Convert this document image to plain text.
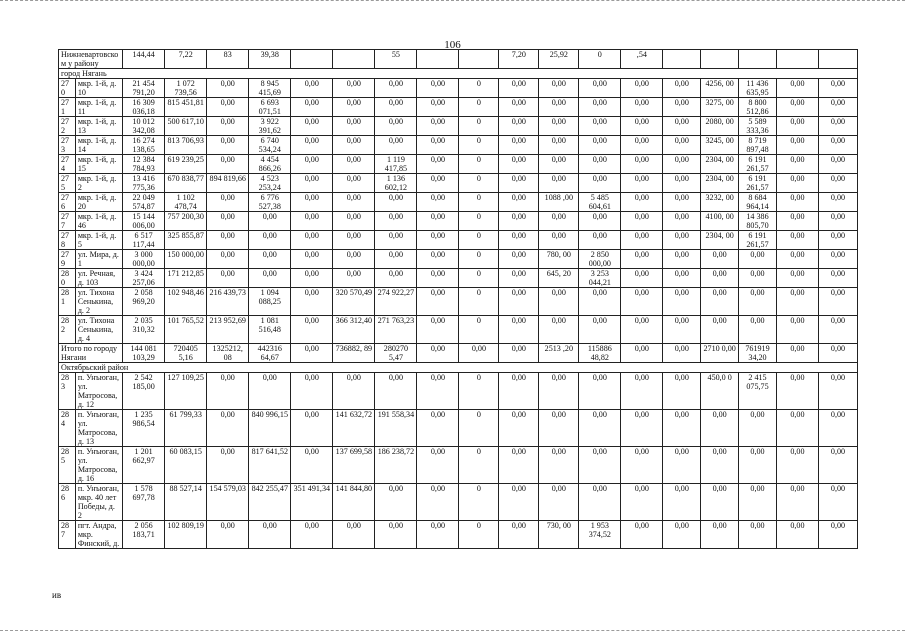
106
Нижневартовском у району		144,44	7,22	83	39,38			55			7,20	25,92	0	,54					
город Нягань																			
27 0	мкр. 1-й, д. 10	21 454 791,20	1 072 739,56	0,00	8 945 415,69	0,00	0,00	0,00	0,00	0	0,00	0,00	0,00	0,00	0,00	4256, 00	11 436 635,95	0,00	0,00
27 1	мкр. 1-й, д. 11	16 309 036,18	815 451,81	0,00	6 693 071,51	0,00	0,00	0,00	0,00	0	0,00	0,00	0,00	0,00	0,00	3275, 00	8 800 512,86	0,00	0,00
27 2	мкр. 1-й, д. 13	10 012 342,08	500 617,10	0,00	3 922 391,62	0,00	0,00	0,00	0,00	0	0,00	0,00	0,00	0,00	0,00	2080, 00	5 589 333,36	0,00	0,00
27 3	мкр. 1-й, д. 14	16 274 138,65	813 706,93	0,00	6 740 534,24	0,00	0,00	0,00	0,00	0	0,00	0,00	0,00	0,00	0,00	3245, 00	8 719 897,48	0,00	0,00
27 4	мкр. 1-й, д. 15	12 384 784,93	619 239,25	0,00	4 454 866,26	0,00	0,00	1 119 417,85	0,00	0	0,00	0,00	0,00	0,00	0,00	2304, 00	6 191 261,57	0,00	0,00
27 5	мкр. 1-й, д. 2	13 416 775,36	670 838,77	894 819,66	4 523 253,24	0,00	0,00	1 136 602,12	0,00	0	0,00	0,00	0,00	0,00	0,00	2304, 00	6 191 261,57	0,00	0,00
27 6	мкр. 1-й, д. 20	22 049 574,87	1 102 478,74	0,00	6 776 527,38	0,00	0,00	0,00	0,00	0	0,00	1088 ,00	5 485 604,61	0,00	0,00	3232, 00	8 684 964,14	0,00	0,00
27 7	мкр. 1-й, д. 46	15 144 006,00	757 200,30	0,00	0,00	0,00	0,00	0,00	0,00	0	0,00	0,00	0,00	0,00	0,00	4100, 00	14 386 805,70	0,00	0,00
27 8	мкр. 1-й, д. 5	6 517 117,44	325 855,87	0,00	0,00	0,00	0,00	0,00	0,00	0	0,00	0,00	0,00	0,00	0,00	2304, 00	6 191 261,57	0,00	0,00
27 9	ул. Мира, д. 1	3 000 000,00	150 000,00	0,00	0,00	0,00	0,00	0,00	0,00	0	0,00	780, 00	2 850 000,00	0,00	0,00	0,00	0,00	0,00	0,00
28 0	ул. Речная, д. 103	3 424 257,06	171 212,85	0,00	0,00	0,00	0,00	0,00	0,00	0	0,00	645, 20	3 253 044,21	0,00	0,00	0,00	0,00	0,00	0,00
28 1	ул. Тихона Сенькина, д. 2	2 058 969,20	102 948,46	216 439,73	1 094 088,25	0,00	320 570,49	274 922,27	0,00	0	0,00	0,00	0,00	0,00	0,00	0,00	0,00	0,00	0,00
28 2	ул. Тихона Сенькина, д. 4	2 035 310,32	101 765,52	213 952,69	1 081 516,48	0,00	366 312,40	271 763,23	0,00	0	0,00	0,00	0,00	0,00	0,00	0,00	0,00	0,00	0,00
Итого по городу Нягани		144 081 103,29	720405 5,16	1325212, 08	442316 64,67	0,00	736882, 89	280270 5,47	0,00	0,00	0,00	2513 ,20	115886 48,82	0,00	0,00	2710 0,00	761919 34,20	0,00	0,00
Октябрьский район																			
28 3	п. Унъюган, ул. Матросова, д. 12	2 542 185,00	127 109,25	0,00	0,00	0,00	0,00	0,00	0,00	0	0,00	0,00	0,00	0,00	0,00	450,0 0	2 415 075,75	0,00	0,00
28 4	п. Унъюган, ул. Матросова, д. 13	1 235 986,54	61 799,33	0,00	840 996,15	0,00	141 632,72	191 558,34	0,00	0	0,00	0,00	0,00	0,00	0,00	0,00	0,00	0,00	0,00
28 5	п. Унъюган, ул. Матросова, д. 16	1 201 662,97	60 083,15	0,00	817 641,52	0,00	137 699,58	186 238,72	0,00	0	0,00	0,00	0,00	0,00	0,00	0,00	0,00	0,00	0,00
28 6	п. Унъюган, мкр. 40 лет Победы, д. 2	1 578 697,78	88 527,14	154 579,03	842 255,47	351 491,34	141 844,80	0,00	0,00	0	0,00	0,00	0,00	0,00	0,00	0,00	0,00	0,00	0,00
28 7	пгт. Андра, мкр. Финский, д.	2 056 183,71	102 809,19	0,00	0,00	0,00	0,00	0,00	0,00	0	0,00	730, 00	1 953 374,52	0,00	0,00	0,00	0,00	0,00	0,00
ив
